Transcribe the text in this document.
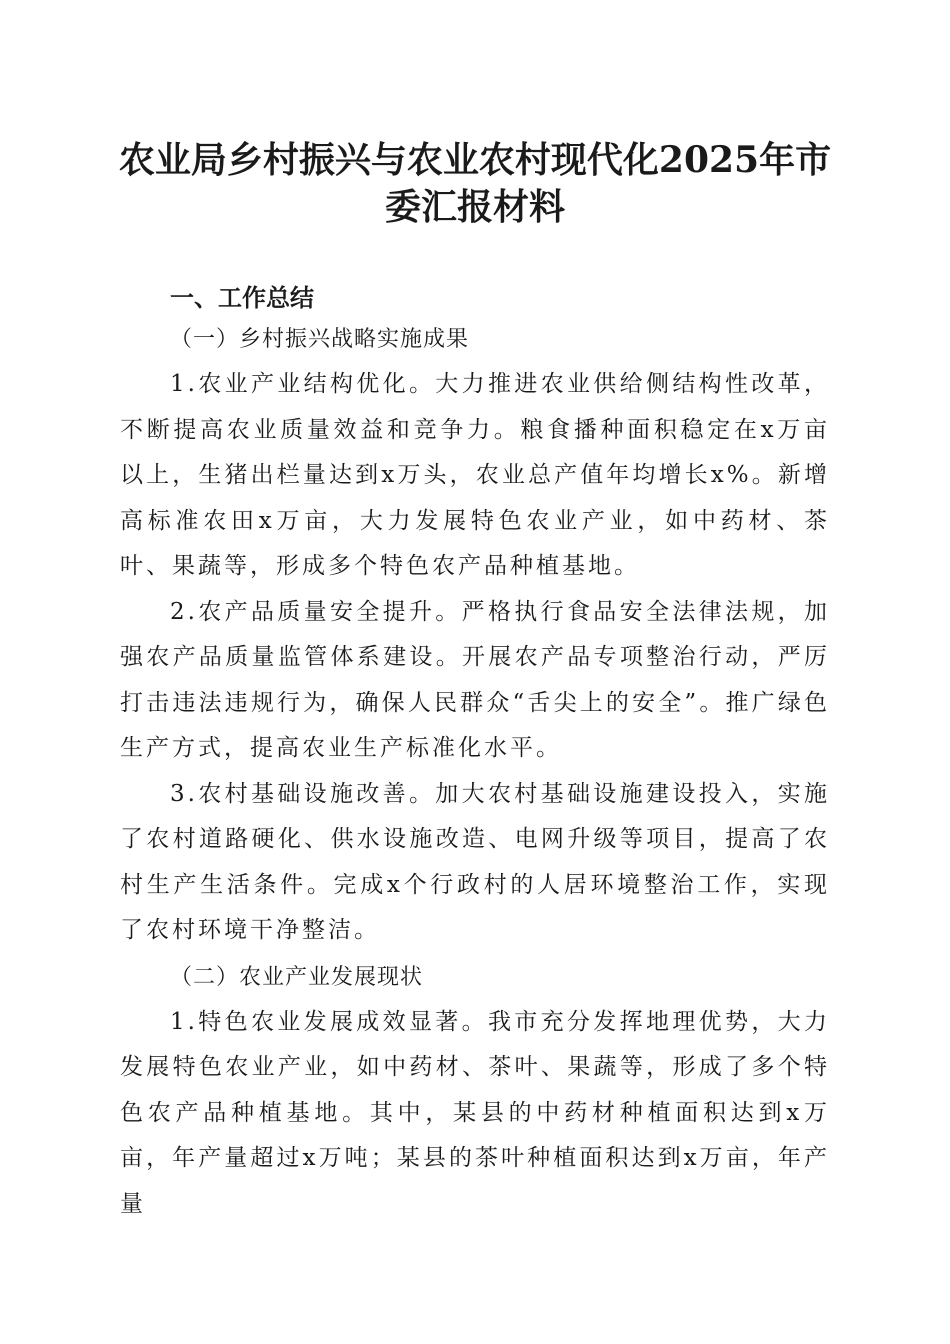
农业局乡村振兴与农业农村现代化2025年市
委汇报材料
一、工作总结
（一）乡村振兴战略实施成果

1.农业产业结构优化。大力推进农业供给侧结构性改革，不断提高农业质量效益和竞争力。粮食播种面积稳定在x万亩以上，生猪出栏量达到x万头，农业总产值年均增长x%。新增高标准农田x万亩，大力发展特色农业产业，如中药材、茶叶、果蔬等，形成多个特色农产品种植基地。

2.农产品质量安全提升。严格执行食品安全法律法规，加强农产品质量监管体系建设。开展农产品专项整治行动，严厉打击违法违规行为，确保人民群众“舌尖上的安全”。推广绿色生产方式，提高农业生产标准化水平。

3.农村基础设施改善。加大农村基础设施建设投入，实施了农村道路硬化、供水设施改造、电网升级等项目，提高了农村生产生活条件。完成x个行政村的人居环境整治工作，实现了农村环境干净整洁。

（二）农业产业发展现状

1.特色农业发展成效显著。我市充分发挥地理优势，大力发展特色农业产业，如中药材、茶叶、果蔬等，形成了多个特色农产品种植基地。其中，某县的中药材种植面积达到x万亩，年产量超过x万吨；某县的茶叶种植面积达到x万亩，年产量
